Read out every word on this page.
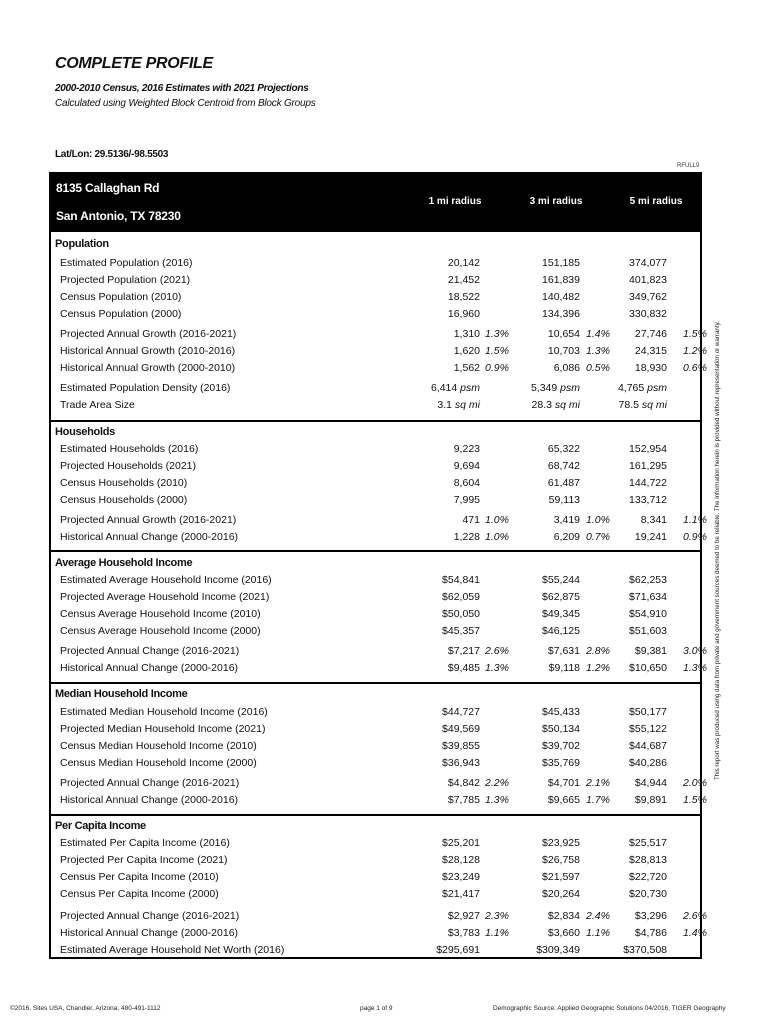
COMPLETE PROFILE
2000-2010 Census, 2016 Estimates with 2021 Projections
Calculated using Weighted Block Centroid from Block Groups
Lat/Lon: 29.5136/-98.5503
RFULL9
8135 Callaghan Rd
San Antonio, TX 78230
1 mi radius	3 mi radius	5 mi radius
Population
Estimated Population (2016)	20,142	151,185	374,077
Projected Population (2021)	21,452	161,839	401,823
Census Population (2010)	18,522	140,482	349,762
Census Population (2000)	16,960	134,396	330,832
Projected Annual Growth (2016-2021)	1,310 1.3%	10,654 1.4% 27,746 1.5%
Historical Annual Growth (2010-2016)	1,620 1.5%	10,703 1.3% 24,315 1.2%
Historical Annual Growth (2000-2010)	1,562 0.9%	6,086 0.5% 18,930 0.6%
Estimated Population Density (2016)	6,414 psm	5,349 psm	4,765 psm
Trade Area Size	3.1 sq mi	28.3 sq mi	78.5 sq mi
Households
Estimated Households (2016)	9,223	65,322	152,954
Projected Households (2021)	9,694	68,742	161,295
Census Households (2010)	8,604	61,487	144,722
Census Households (2000)	7,995	59,113	133,712
Projected Annual Growth (2016-2021)	471 1.0%	3,419 1.0%	8,341 1.1%
Historical Annual Change (2000-2016)	1,228 1.0%	6,209 0.7% 19,241 0.9%
Average Household Income
Estimated Average Household Income (2016)	$54,841	$55,244	$62,253
Projected Average Household Income (2021)	$62,059	$62,875	$71,634
Census Average Household Income (2010)	$50,050	$49,345	$54,910
Census Average Household Income (2000)	$45,357	$46,125	$51,603
Projected Annual Change (2016-2021)	$7,217 2.6%	$7,631 2.8% $9,381 3.0%
Historical Annual Change (2000-2016)	$9,485 1.3%	$9,118 1.2% $10,650 1.3%
Median Household Income
Estimated Median Household Income (2016)	$44,727	$45,433	$50,177
Projected Median Household Income (2021)	$49,569	$50,134	$55,122
Census Median Household Income (2010)	$39,855	$39,702	$44,687
Census Median Household Income (2000)	$36,943	$35,769	$40,286
Projected Annual Change (2016-2021)	$4,842 2.2%	$4,701 2.1% $4,944 2.0%
Historical Annual Change (2000-2016)	$7,785 1.3%	$9,665 1.7% $9,891 1.5%
Per Capita Income
Estimated Per Capita Income (2016)	$25,201	$23,925	$25,517
Projected Per Capita Income (2021)	$28,128	$26,758	$28,813
Census Per Capita Income (2010)	$23,249	$21,597	$22,720
Census Per Capita Income (2000)	$21,417	$20,264	$20,730
Projected Annual Change (2016-2021)	$2,927 2.3%	$2,834 2.4% $3,296 2.6%
Historical Annual Change (2000-2016)	$3,783 1.1%	$3,660 1.1% $4,786 1.4%
Estimated Average Household Net Worth (2016)	$295,691	$309,349	$370,508
©2016, Sites USA, Chandler, Arizona, 480-491-1112	page 1 of 9	Demographic Source: Applied Geographic Solutions 04/2016, TIGER Geography
This report was produced using data from private and government sources deemed to be reliable. The information herein is provided without representation or warranty.
